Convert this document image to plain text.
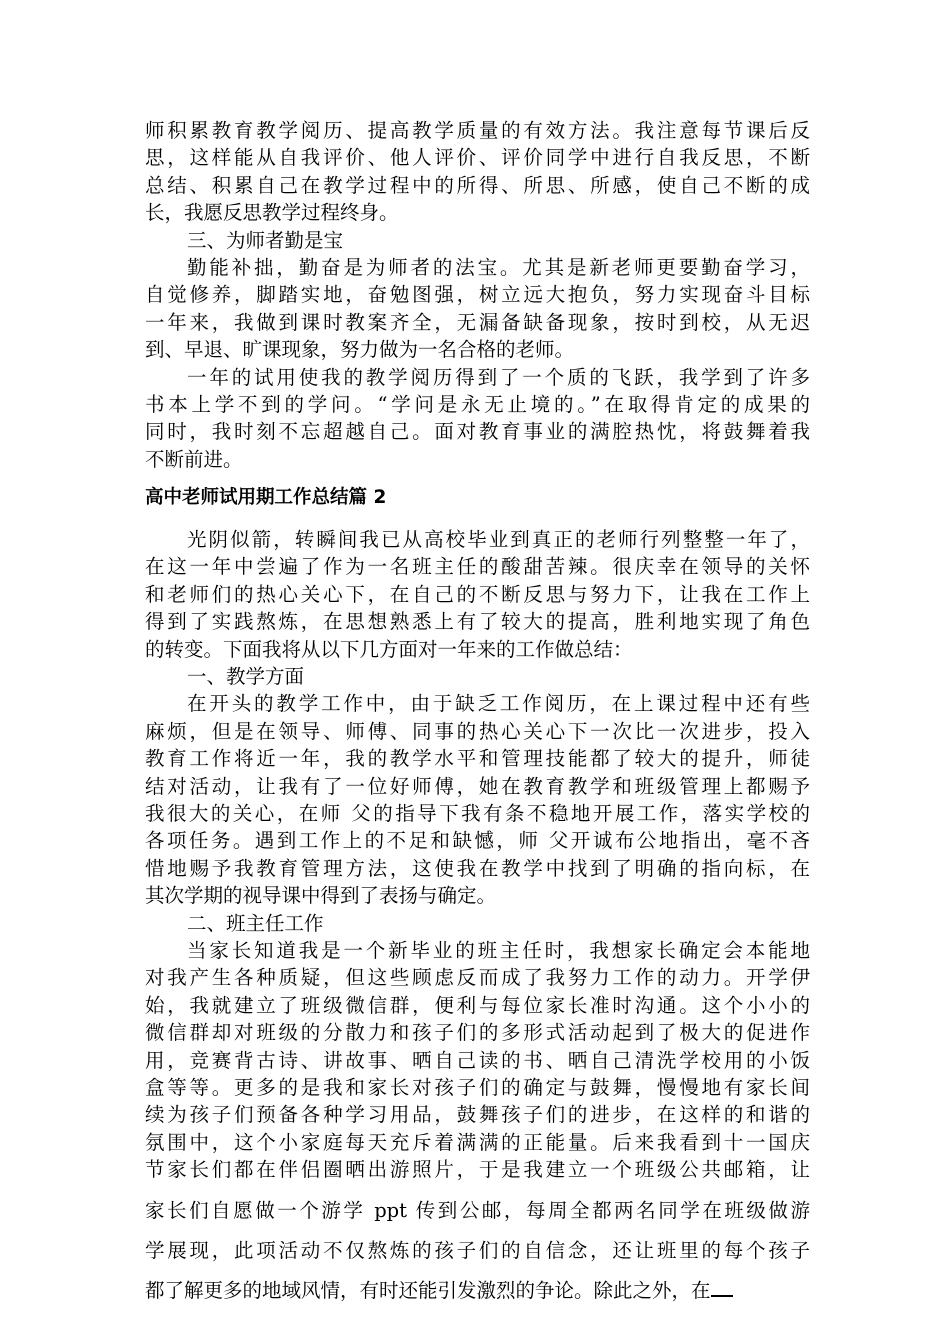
师积累教育教学阅历、提高教学质量的有效方法。我注意每节课后反
思，这样能从自我评价、他人评价、评价同学中进行自我反思，不断
总结、积累自己在教学过程中的所得、所思、所感，使自己不断的成
长，我愿反思教学过程终身。
三、为师者勤是宝
勤能补拙，勤奋是为师者的法宝。尤其是新老师更要勤奋学习，
自觉修养，脚踏实地，奋勉图强，树立远大抱负，努力实现奋斗目标
一年来，我做到课时教案齐全，无漏备缺备现象，按时到校，从无迟
到、早退、旷课现象，努力做为一名合格的老师。
一年的试用使我的教学阅历得到了一个质的飞跃，我学到了许多
书本上学不到的学问。“学问是永无止境的。”在取得肯定的成果的
同时，我时刻不忘超越自己。面对教育事业的满腔热忱，将鼓舞着我
不断前进。
高中老师试用期工作总结篇 2
光阴似箭，转瞬间我已从高校毕业到真正的老师行列整整一年了，
在这一年中尝遍了作为一名班主任的酸甜苦辣。很庆幸在领导的关怀
和老师们的热心关心下，在自己的不断反思与努力下，让我在工作上
得到了实践熬炼，在思想熟悉上有了较大的提高，胜利地实现了角色
的转变。下面我将从以下几方面对一年来的工作做总结：
一、教学方面
在开头的教学工作中，由于缺乏工作阅历，在上课过程中还有些
麻烦，但是在领导、师傅、同事的热心关心下一次比一次进步，投入
教育工作将近一年，我的教学水平和管理技能都了较大的提升，师徒
结对活动，让我有了一位好师傅，她在教育教学和班级管理上都赐予
我很大的关心，在师 父的指导下我有条不稳地开展工作，落实学校的
各项任务。遇到工作上的不足和缺憾，师 父开诚布公地指出，毫不吝
惜地赐予我教育管理方法，这使我在教学中找到了明确的指向标，在
其次学期的视导课中得到了表扬与确定。
二、班主任工作
当家长知道我是一个新毕业的班主任时，我想家长确定会本能地
对我产生各种质疑，但这些顾虑反而成了我努力工作的动力。开学伊
始，我就建立了班级微信群，便利与每位家长准时沟通。这个小小的
微信群却对班级的分散力和孩子们的多形式活动起到了极大的促进作
用，竞赛背古诗、讲故事、晒自己读的书、晒自己清洗学校用的小饭
盒等等。更多的是我和家长对孩子们的确定与鼓舞，慢慢地有家长间
续为孩子们预备各种学习用品，鼓舞孩子们的进步，在这样的和谐的
氛围中，这个小家庭每天充斥着满满的正能量。后来我看到十一国庆
节家长们都在伴侣圈晒出游照片，于是我建立一个班级公共邮箱，让
家长们自愿做一个游学 ppt 传到公邮，每周全都两名同学在班级做游
学展现，此项活动不仅熬炼的孩子们的自信念，还让班里的每个孩子
都了解更多的地域风情，有时还能引发激烈的争论。除此之外，在
